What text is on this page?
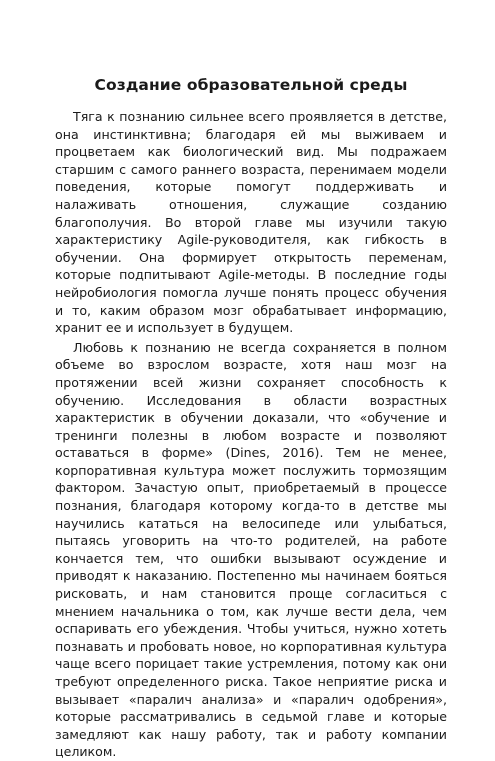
Создание образовательной среды

Тяга к познанию сильнее всего проявляется в детстве, она инстинктивна; благодаря ей мы выживаем и процветаем как биологический вид. Мы подражаем старшим с самого раннего возраста, перенимаем модели поведения, которые помогут поддерживать и налаживать отношения, служащие созданию благополучия. Во второй главе мы изучили такую характеристику Agile-руководителя, как гибкость в обучении. Она формирует открытость переменам, которые подпитывают Agile-методы. В последние годы нейробиология помогла лучше понять процесс обучения и то, каким образом мозг обрабатывает информацию, хранит ее и использует в будущем.

Любовь к познанию не всегда сохраняется в полном объеме во взрослом возрасте, хотя наш мозг на протяжении всей жизни сохраняет способность к обучению. Исследования в области возрастных характеристик в обучении доказали, что «обучение и тренинги полезны в любом возрасте и позволяют оставаться в форме» (Dines, 2016). Тем не менее, корпоративная культура может послужить тормозящим фактором. Зачастую опыт, приобретаемый в процессе познания, благодаря которому когда-то в детстве мы научились кататься на велосипеде или улыбаться, пытаясь уговорить на что-то родителей, на работе кончается тем, что ошибки вызывают осуждение и приводят к наказанию. Постепенно мы начинаем бояться рисковать, и нам становится проще согласиться с мнением начальника о том, как лучше вести дела, чем оспаривать его убеждения. Чтобы учиться, нужно хотеть познавать и пробовать новое, но корпоративная культура чаще всего порицает такие устремления, потому как они требуют определенного риска. Такое неприятие риска и вызывает «паралич анализа» и «паралич одобрения», которые рассматривались в седьмой главе и которые замедляют как нашу работу, так и работу компании целиком.
